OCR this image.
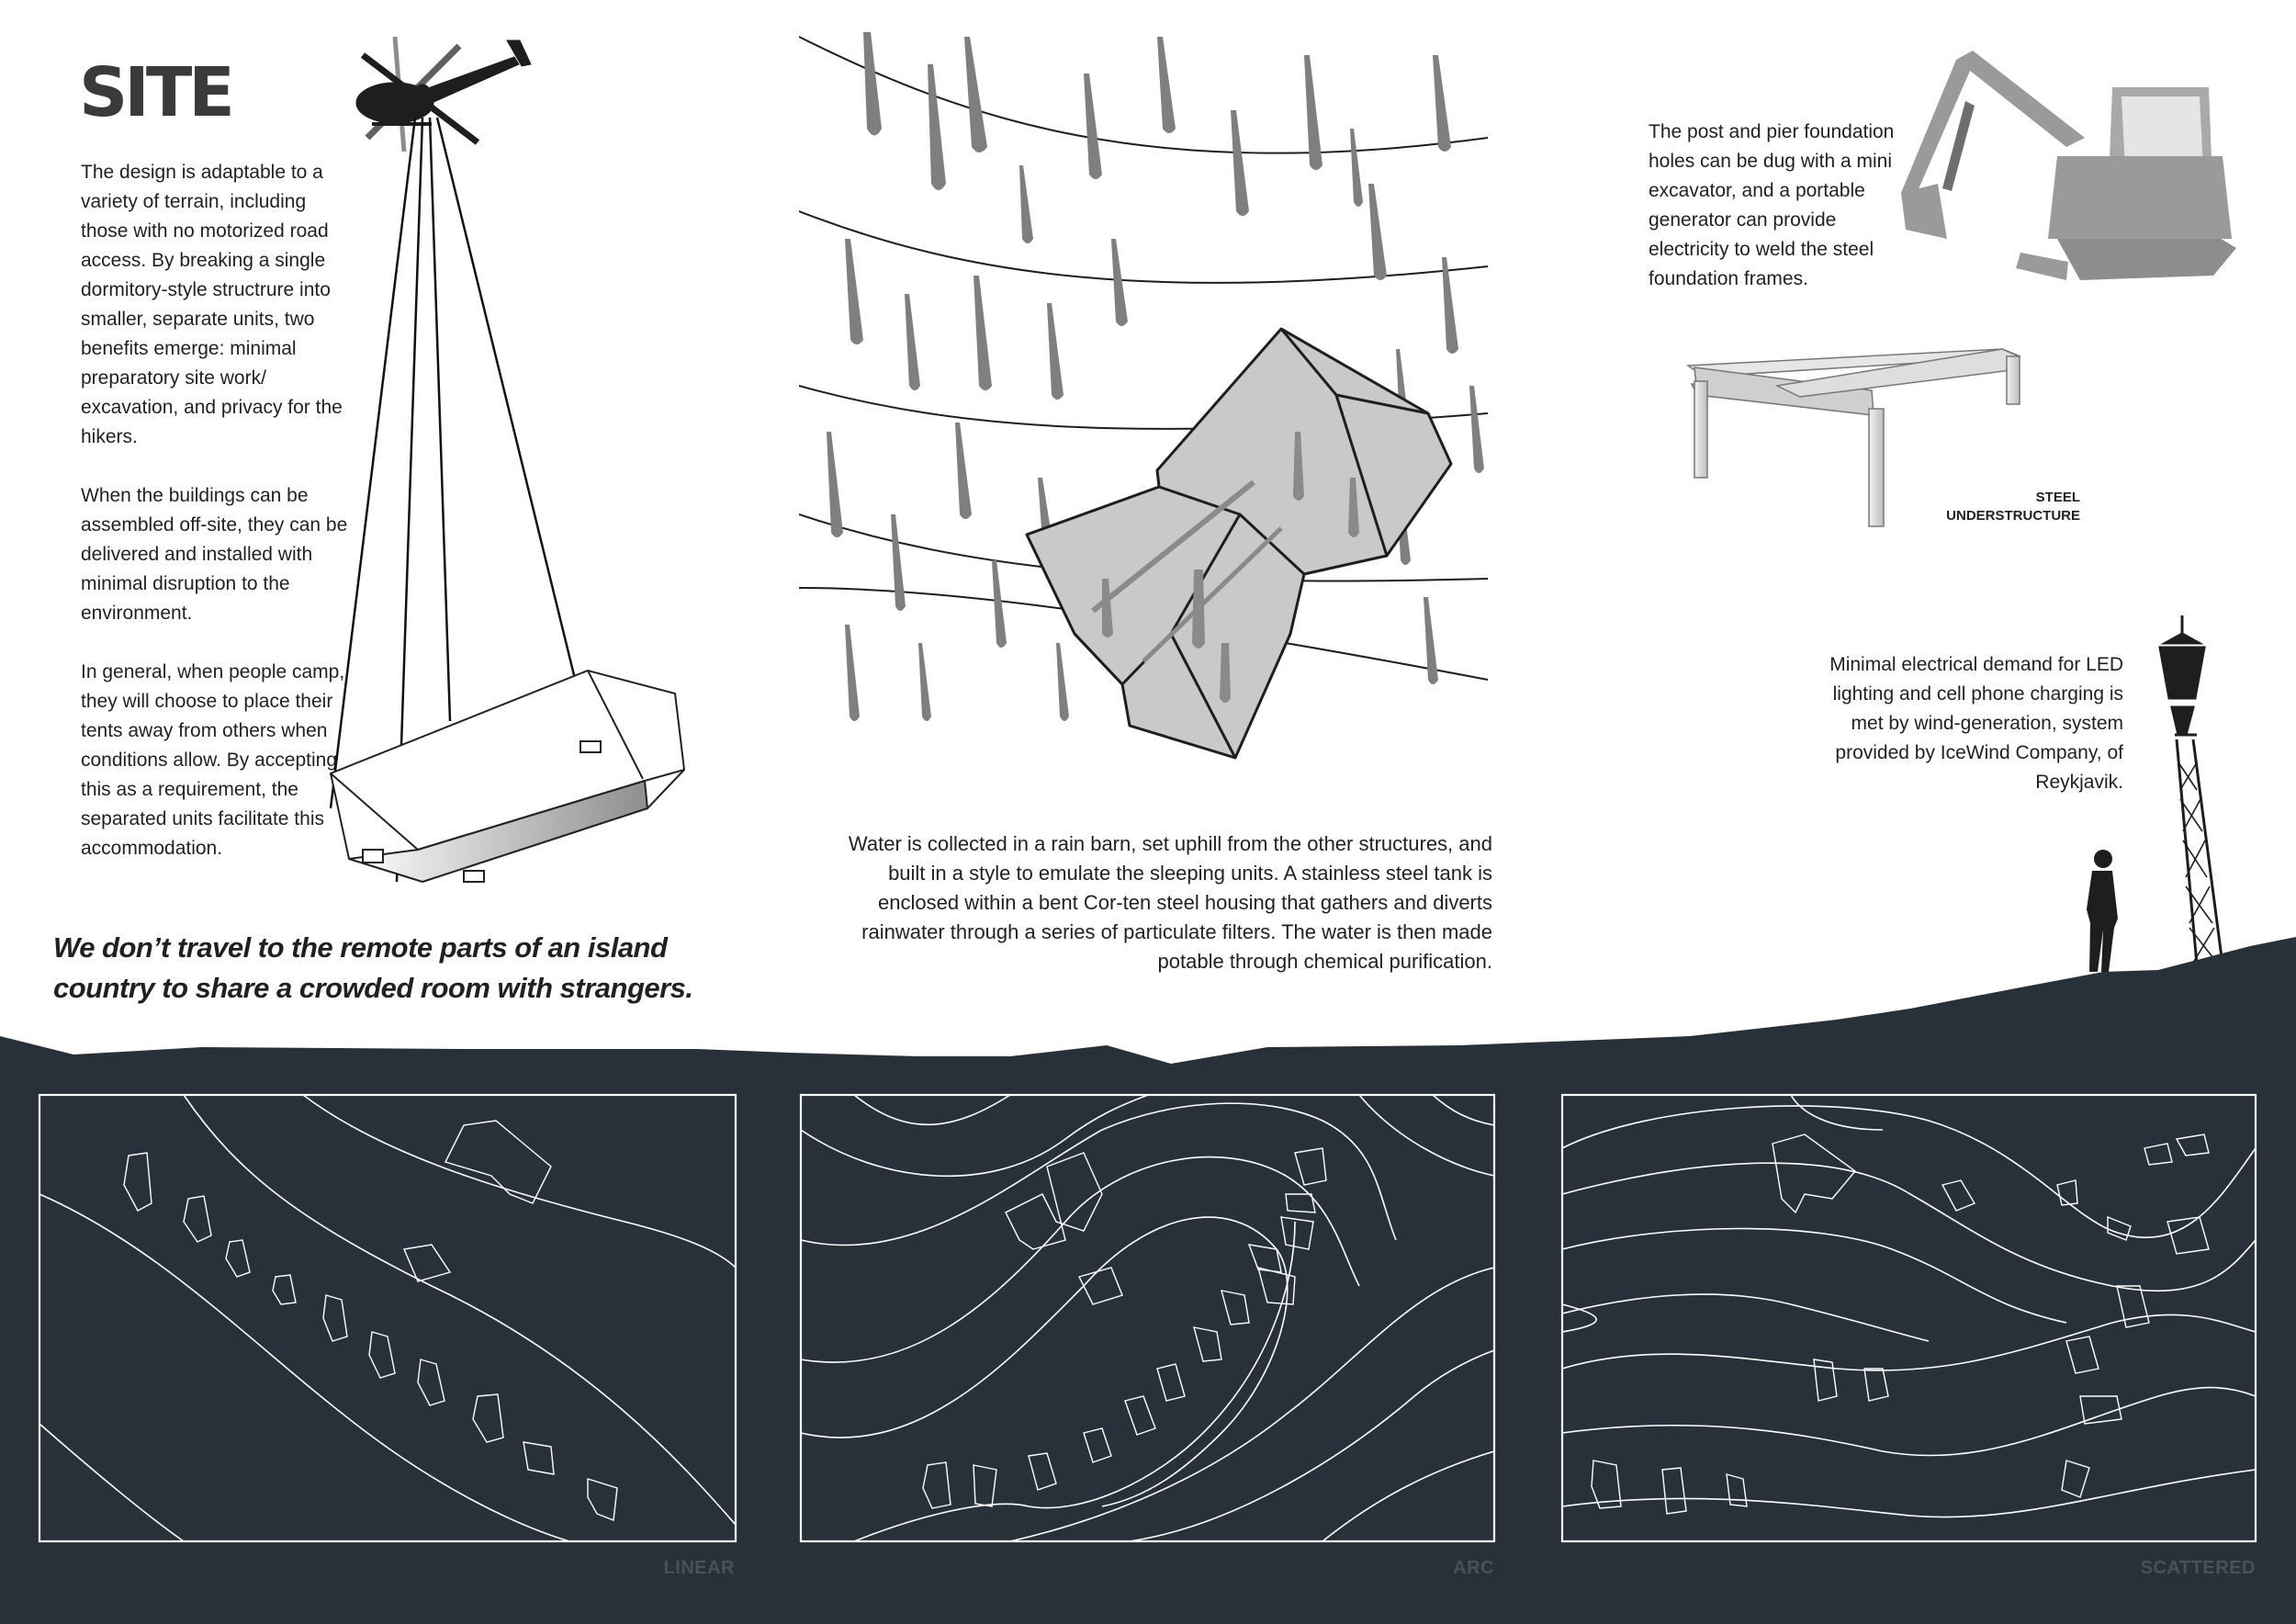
SITE

The design is adaptable to a variety of terrain, including those with no motorized road access. By breaking a single dormitory-style structrure into smaller, separate units, two benefits emerge: minimal preparatory site work/ excavation, and privacy for the hikers.

When the buildings can be assembled off-site, they can be delivered and installed with minimal disruption to the environment.

In general, when people camp, they will choose to place their tents away from others when conditions allow. By accepting this as a requirement, the separated units facilitate this accommodation.

We don’t travel to the remote parts of an island country to share a crowded room with strangers.

Water is collected in a rain barn, set uphill from the other structures, and built in a style to emulate the sleeping units. A stainless steel tank is enclosed within a bent Cor-ten steel housing that gathers and diverts rainwater through a series of particulate filters. The water is then made potable through chemical purification.

The post and pier foundation holes can be dug with a mini excavator, and a portable generator can provide electricity to weld the steel foundation frames.

STEEL
UNDERSTRUCTURE

Minimal electrical demand for LED lighting and cell phone charging is met by wind-generation, system provided by IceWind Company, of Reykjavik.

LINEAR	ARC	SCATTERED
